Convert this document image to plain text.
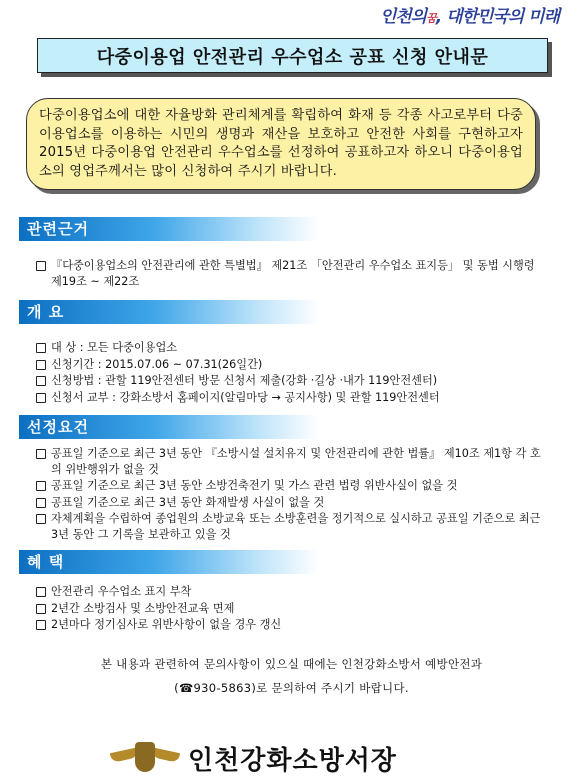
인천의꿈, 대한민국의 미래
다중이용업 안전관리 우수업소 공표 신청 안내문
다중이용업소에 대한 자율방화 관리체계를 확립하여 화재 등 각종 사고로부터 다중이용업소를 이용하는 시민의 생명과 재산을 보호하고 안전한 사회를 구현하고자 2015년 다중이용업 안전관리 우수업소를 선정하여 공표하고자 하오니 다중이용업소의 영업주께서는 많이 신청하여 주시기 바랍니다.
관련근거
『다중이용업소의 안전관리에 관한 특별법』 제21조 「안전관리 우수업소 표지등」 및 동법 시행령 제19조 ~ 제22조
개 요
대 상 : 모든 다중이용업소
신청기간 : 2015.07.06 ~ 07.31(26일간)
신청방법 : 관할 119안전센터 방문 신청서 제출(강화 ·길상 ·내가 119안전센터)
신청서 교부 : 강화소방서 홈페이지(알림마당 → 공지사항) 및 관할 119안전센터
선정요건
공표일 기준으로 최근 3년 동안 『소방시설 설치유지 및 안전관리에 관한 법률』 제10조 제1항 각 호의 위반행위가 없을 것
공표일 기준으로 최근 3년 동안 소방건축전기 및 가스 관련 법령 위반사실이 없을 것
공표일 기준으로 최근 3년 동안 화재발생 사실이 없을 것
자체계획을 수립하여 종업원의 소방교육 또는 소방훈련을 정기적으로 실시하고 공표일 기준으로 최근 3년 동안 그 기록을 보관하고 있을 것
혜 택
안전관리 우수업소 표지 부착
2년간 소방검사 및 소방안전교육 면제
2년마다 정기심사로 위반사항이 없을 경우 갱신
본 내용과 관련하여 문의사항이 있으실 때에는 인천강화소방서 예방안전과
(☎930-5863)로 문의하여 주시기 바랍니다.
인천강화소방서장
